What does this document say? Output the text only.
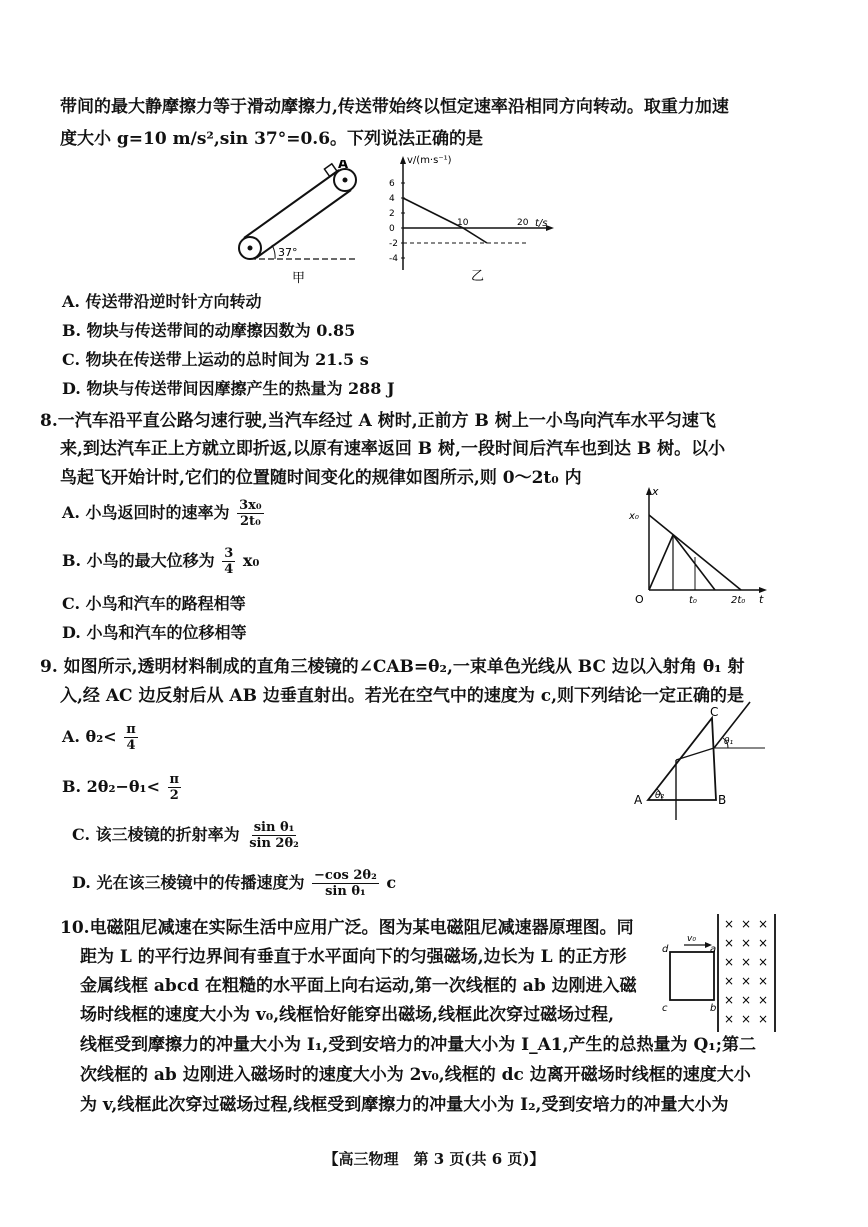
带间的最大静摩擦力等于滑动摩擦力,传送带始终以恒定速率沿相同方向转动。取重力加速
度大小 g=10 m/s²,sin 37°=0.6。下列说法正确的是
A
37°
甲
v/(m·s⁻¹)
t/s
6
4
2
0
-2
-4
10	20
乙
A. 传送带沿逆时针方向转动
B. 物块与传送带间的动摩擦因数为 0.85
C. 物块在传送带上运动的总时间为 21.5 s
D. 物块与传送带间因摩擦产生的热量为 288 J
8.一汽车沿平直公路匀速行驶,当汽车经过 A 树时,正前方 B 树上一小鸟向汽车水平匀速飞
来,到达汽车正上方就立即折返,以原有速率返回 B 树,一段时间后汽车也到达 B 树。以小
鸟起飞开始计时,它们的位置随时间变化的规律如图所示,则 0～2t₀ 内
A. 小鸟返回时的速率为 $\frac{\text{3x₀}}{\text{2t₀}}$
B. 小鸟的最大位移为 $\frac{3}{4} x_0$
C. 小鸟和汽车的路程相等
D. 小鸟和汽车的位移相等
x
x₀
O	t₀	2t₀ t
9. 如图所示,透明材料制成的直角三棱镜的∠CAB=θ₂,一束单色光线从 BC 边以入射角 θ₁ 射
入,经 AC 边反射后从 AB 边垂直射出。若光在空气中的速度为 c,则下列结论一定正确的是
A. $\theta_2< \frac{\pi}{4}$
B. $2\theta_2-\theta_1< \frac{\pi}{2}$
C. 该三棱镜的折射率为 $\frac{\text{sin θ₁}}{\text{sin 2θ₂}}$
D. 光在该三棱镜中的传播速度为 $\frac{\text{−cos 2θ₂}}{\text{sin θ₁}}$ c
A	B
C
θ₂
θ₁
10.电磁阻尼减速在实际生活中应用广泛。图为某电磁阻尼减速器原理图。同
距为 L 的平行边界间有垂直于水平面向下的匀强磁场,边长为 L 的正方形
金属线框 abcd 在粗糙的水平面上向右运动,第一次线框的 ab 边刚进入磁
场时线框的速度大小为 v₀,线框恰好能穿出磁场,线框此次穿过磁场过程,
线框受到摩擦力的冲量大小为 I₁,受到安培力的冲量大小为 I_A1,产生的总热量为 Q₁;第二
次线框的 ab 边刚进入磁场时的速度大小为 2v₀,线框的 dc 边离开磁场时线框的速度大小
为 v,线框此次穿过磁场过程,线框受到摩擦力的冲量大小为 I₂,受到安培力的冲量大小为
v₀
d	a
b
c
× × ×
× × ×
× × ×
× × ×
× × ×
× × ×
【高三物理　第 3 页(共 6 页)】
